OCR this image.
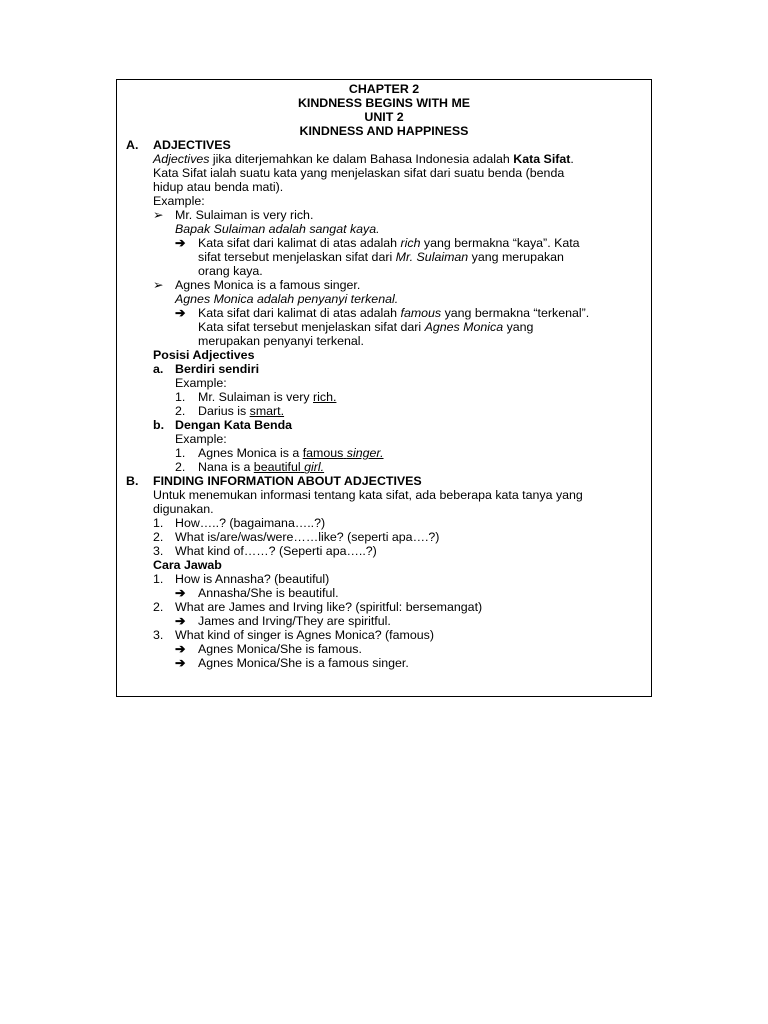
CHAPTER 2
KINDNESS BEGINS WITH ME
UNIT 2
KINDNESS AND HAPPINESS
A. ADJECTIVES
Adjectives jika diterjemahkan ke dalam Bahasa Indonesia adalah Kata Sifat.
Kata Sifat ialah suatu kata yang menjelaskan sifat dari suatu benda (benda
hidup atau benda mati).
Example:
➢ Mr. Sulaiman is very rich.
Bapak Sulaiman adalah sangat kaya.
➔ Kata sifat dari kalimat di atas adalah rich yang bermakna “kaya”. Kata
sifat tersebut menjelaskan sifat dari Mr. Sulaiman yang merupakan
orang kaya.
➢ Agnes Monica is a famous singer.
Agnes Monica adalah penyanyi terkenal.
➔ Kata sifat dari kalimat di atas adalah famous yang bermakna “terkenal”.
Kata sifat tersebut menjelaskan sifat dari Agnes Monica yang
merupakan penyanyi terkenal.
Posisi Adjectives
a. Berdiri sendiri
Example:
1. Mr. Sulaiman is very rich.
2. Darius is smart.
b. Dengan Kata Benda
Example:
1. Agnes Monica is a famous singer.
2. Nana is a beautiful girl.
B. FINDING INFORMATION ABOUT ADJECTIVES
Untuk menemukan informasi tentang kata sifat, ada beberapa kata tanya yang
digunakan.
1. How…..? (bagaimana…..?)
2. What is/are/was/were……like? (seperti apa….?)
3. What kind of……? (Seperti apa…..?)
Cara Jawab
1. How is Annasha? (beautiful)
➔ Annasha/She is beautiful.
2. What are James and Irving like? (spiritful: bersemangat)
➔ James and Irving/They are spiritful.
3. What kind of singer is Agnes Monica? (famous)
➔ Agnes Monica/She is famous.
➔ Agnes Monica/She is a famous singer.
